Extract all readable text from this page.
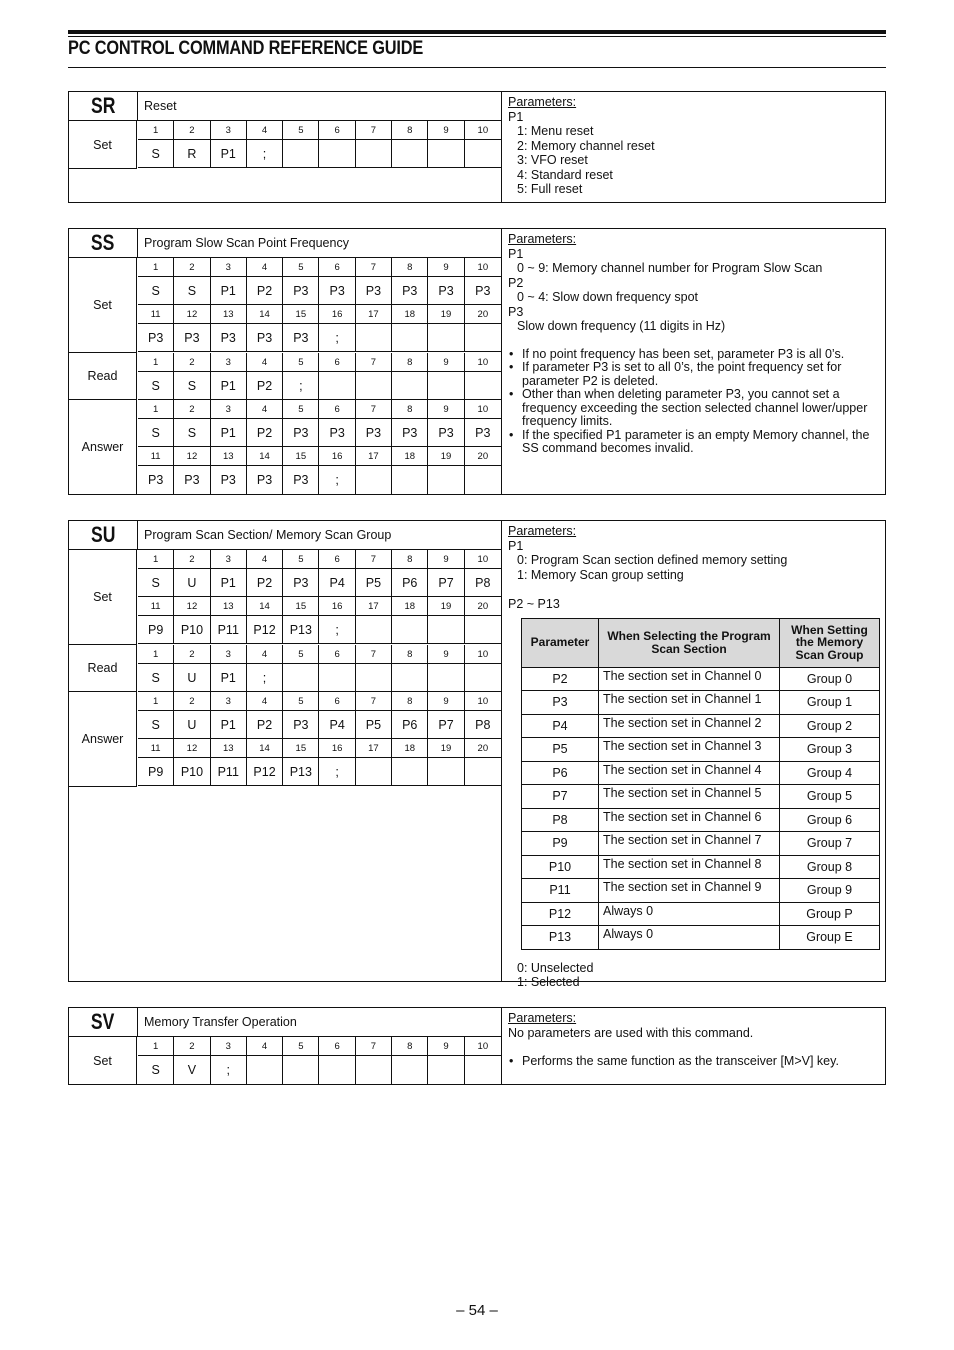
PC CONTROL COMMAND REFERENCE GUIDE
SR	Reset
Set
1	2	3	4	5	6	7	8	9	10
S	R	P1	;
Parameters:
P1
1: Menu reset
2: Memory channel reset
3: VFO reset
4: Standard reset
5: Full reset
SS	Program Slow Scan Point Frequency
Set
1	2	3	4	5	6	7	8	9	10
S	S	P1	P2	P3	P3	P3	P3	P3	P3
11	12	13	14	15	16	17	18	19	20
P3	P3	P3	P3	P3	;
Read
1	2	3	4	5	6	7	8	9	10
S	S	P1	P2	;
Answer
1	2	3	4	5	6	7	8	9	10
S	S	P1	P2	P3	P3	P3	P3	P3	P3
11	12	13	14	15	16	17	18	19	20
P3	P3	P3	P3	P3	;
Parameters:
P1
0 ~ 9: Memory channel number for Program Slow Scan
P2
0 ~ 4: Slow down frequency spot
P3
Slow down frequency (11 digits in Hz)
• If no point frequency has been set, parameter P3 is all 0’s.
• If parameter P3 is set to all 0’s, the point frequency set for parameter P2 is deleted.
• Other than when deleting parameter P3, you cannot set a frequency exceeding the section selected channel lower/upper frequency limits.
• If the specified P1 parameter is an empty Memory channel, the SS command becomes invalid.
SU	Program Scan Section/ Memory Scan Group
Set
1	2	3	4	5	6	7	8	9	10
S	U	P1	P2	P3	P4	P5	P6	P7	P8
11	12	13	14	15	16	17	18	19	20
P9	P10	P11	P12	P13	;
Read
1	2	3	4	5	6	7	8	9	10
S	U	P1	;
Answer
1	2	3	4	5	6	7	8	9	10
S	U	P1	P2	P3	P4	P5	P6	P7	P8
11	12	13	14	15	16	17	18	19	20
P9	P10	P11	P12	P13	;
Parameters:
P1
0: Program Scan section defined memory setting
1: Memory Scan group setting
P2 ~ P13
Parameter	When Selecting the Program Scan Section	When Setting the Memory Scan Group
P2	The section set in Channel 0	Group 0
P3	The section set in Channel 1	Group 1
P4	The section set in Channel 2	Group 2
P5	The section set in Channel 3	Group 3
P6	The section set in Channel 4	Group 4
P7	The section set in Channel 5	Group 5
P8	The section set in Channel 6	Group 6
P9	The section set in Channel 7	Group 7
P10	The section set in Channel 8	Group 8
P11	The section set in Channel 9	Group 9
P12	Always 0	Group P
P13	Always 0	Group E
0: Unselected
1: Selected
SV	Memory Transfer Operation
Set
1	2	3	4	5	6	7	8	9	10
S	V	;
Parameters:
No parameters are used with this command.
• Performs the same function as the transceiver [M>V] key.
– 54 –
